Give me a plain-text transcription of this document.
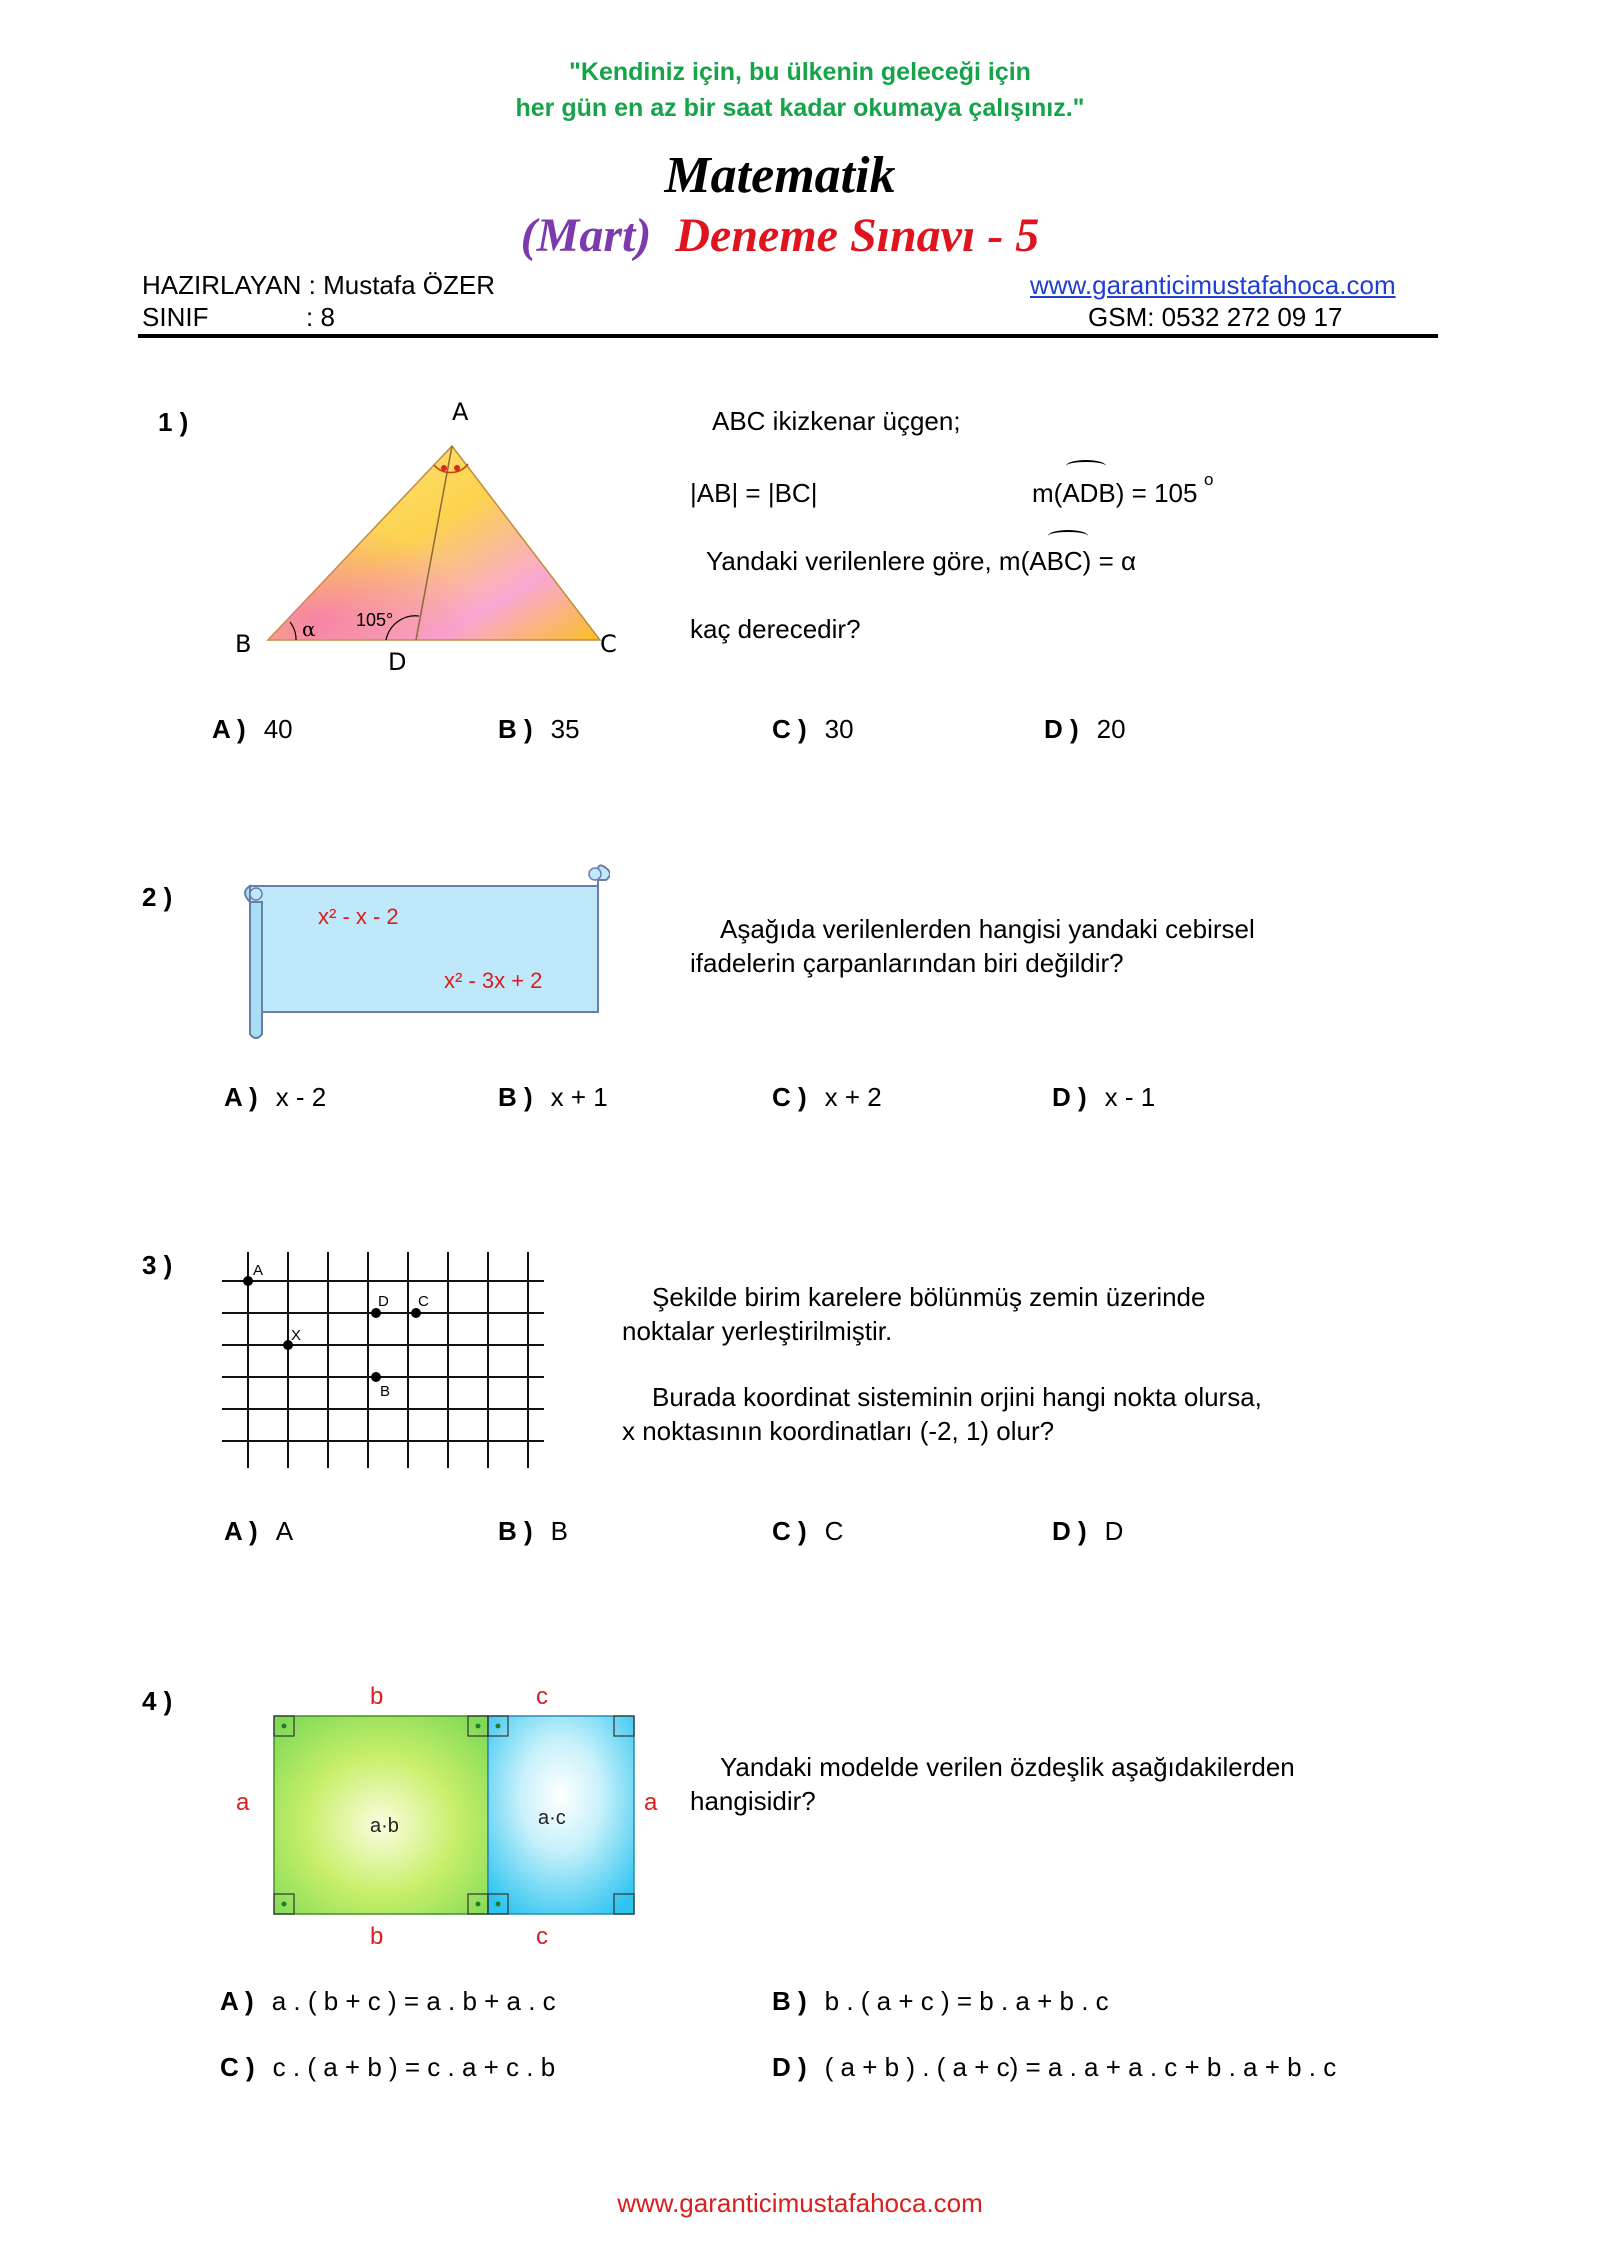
"Kendiniz için, bu ülkenin geleceği için
her gün en az bir saat kadar okumaya çalışınız."
Matematik
(Mart) Deneme Sınavı - 5
HAZIRLAYAN : Mustafa ÖZER
SINIF	: 8
www.garanticimustafahoca.com
GSM: 0532 272 09 17
1 )	A
B	C
D
α 105°
ABC ikizkenar üçgen;
|AB| = |BC|	m(ADB) = 105 o
Yandaki verilenlere göre, m(ABC) = α
kaç derecedir?
A ) 40	B ) 35	C ) 30	D ) 20
2 )
x² - x - 2
x² - 3x + 2
Aşağıda verilenlerden hangisi yandaki cebirsel
ifadelerin çarpanlarından biri değildir?
A ) x - 2	B ) x + 1	C ) x + 2	D ) x - 1
3 )	A
X
D C
B
Şekilde birim karelere bölünmüş zemin üzerinde
noktalar yerleştirilmiştir.
Burada koordinat sisteminin orjini hangi nokta olursa,
x noktasının koordinatları (-2, 1) olur?
A ) A	B ) B	C ) C	D ) D
4 )	b	c
a	a
a·b	a·c
b	c
Yandaki modelde verilen özdeşlik aşağıdakilerden
hangisidir?
A ) a . ( b + c ) = a . b + a . c	B ) b . ( a + c ) = b . a + b . c
C ) c . ( a + b ) = c . a + c . b	D ) ( a + b ) . ( a + c) = a . a + a . c + b . a + b . c
www.garanticimustafahoca.com
